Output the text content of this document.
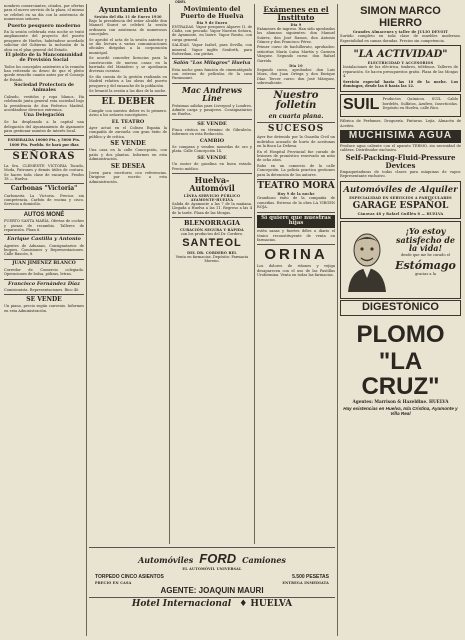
ODIEL

nombres comerciantes, citados, por ofertas para el nuevo servicio de la plaza, el mismo se celebró en su día con la asistencia de numerosos señores.

Puerto pesquero moderno

En la sesión celebrada esta noche se trató ampliamente del proyecto del puerto pesquero de Huelva, habiéndose acordado solicitar del Gobierno la inclusión de la obra en el plan general del Estado.

El pleito de la Mancomunidad de Previsión Social

Todos los concejales asistentes a la reunión han reiterado su deseo de que el pleito quede resuelto cuanto antes por el Consejo de Estado.

Sociedad Protectora de Animales

Calzado, vestidos y ropa blanca. Ha celebrado junta general esta sociedad bajo la presidencia de don Federico Madrid, acordándose diversos extremos.

Una Delegación

Se ha desplazado a la capital una delegación del Ayuntamiento de Ayamonte para gestionar asuntos de interés local.

ESMERALDA 10000 Pts. y 5000 Pts. 1000 Pts. Pueblo. Se hará por días

SEÑORAS

La Sra. CLEMENTE VICTORIA Tocado, Moda, Patrones y demás útiles de costura. Se hacen toda clase de encargos. Prados 18 — Huelva.

Carbonas "Victoria"

Carbonería La Victoria. Precios sin competencia. Carbón de encina y cisco. Servicio a domicilio.

AUTOS MONÉ

PUERTO SANTA MARÍA. Ofertas de coches y piezas de recambio. Talleres de reparación. Plaza 6.

Enrique Castilla y Antonio

Agentes de Aduanas, Consignatarios de buques, Comisiones y Representaciones. Calle Rascón, 8.

JUAN JIMÉNEZ BLANCO

Corredor de Comercio colegiado. Operaciones de bolsa, pólizas, letras.

Francisco Fernández Díaz

Comisionista. Representaciones. Rico 40.

SE VENDE

Un piano, precio según convenio. Informes en esta Administración.

Ayuntamiento

Sesión del día 11 de Enero 1930

Bajo la presidencia del señor alcalde don Manuel Siurot se celebró la sesión ordinaria con asistencia de numerosos concejales.

Se aprobó el acta de la sesión anterior y se dio lectura a varias comunicaciones oficiales dirigidas a la corporación municipal.

Se acordó conceder licencias para la construcción de nuevas casas en la barriada del Matadero y se aprobaron diversas cuentas.

Se dio cuenta de la gestión realizada en Madrid relativa a las obras del puerto pesquero y del ensanche de la población.

Se levantó la sesión a las diez de la noche.

EL DEBER

Cumplir con nuestro deber es lo primero. Aviso a los señores suscriptores.

EL TEATRO

Ayer actuó en el Coliseo España la compañía de zarzuela con gran éxito de público y de crítica.

SE VENDE

Una casa en la calle Concepción, con patio y dos plantas. Informes en esta Administración.

SE DESEA

Joven para escritorio con referencias. Dirigirse por escrito a esta Administración.

Movimiento del Puerto de Huelva

Día 9 de Enero

ENTRADAS. Vapor pesquero Algarve II, de Cádiz, con pescado. Vapor Nuestra Señora, de Ayamonte, en lastre. Vapor Rosita, con carga general.

SALIDAS. Vapor Isabel, para Sevilla, con mineral. Vapor inglés Seaforth, para Rotterdam, con piritas.

Salón "Los Milagros" Huelva

Esta noche gran función de cinematógrafo con estreno de películas de la casa Paramount.

Mac Andrews Line

Próximas salidas para Liverpool y Londres. Admite carga y pasajeros. Consignatarios en Huelva.

SE VENDE

Finca rústica en término de Gibraleón. Informes en esta Redacción.

CAMBIO

Se compran y venden monedas de oro y plata. Calle Concepción 14.

SE VENDE

Un motor de gasolina en buen estado. Precio módico.

Huelva-Automóvil

LÍNEA SERVICIO PÚBLICO AYAMONTE-HUELVA

Salida de Ayamonte a las 7 de la mañana. Llegada a Huelva a las 11. Regreso a las 4 de la tarde. Plaza de las Monjas.

BLENORRAGIA

CURACIÓN SEGURA Y RÁPIDA

con los productos del Dr. Cordero.

SANTEOL

DEL DR. CORDERO BEL

Venta en farmacias. Depósito: Farmacia Moreno.

Exámenes en el Instituto

Día 9

Exámenes de ingreso. Han sido aprobados los alumnos siguientes: don Manuel Suárez, don José Ramos, don Antonio Gómez y don Francisco Pérez.

Primer curso de bachillerato, aprobados: señoritas María Luisa Martín y Carmen Vázquez. Segundo curso: don Rafael Garrido.

Día 10

Segundo curso, aprobados: don Luis Mora, don Juan Ortega y don Enrique Díaz. Tercer curso: don José Márquez, sobresaliente.

Nuestro folletín

en cuarta plana.

SUCESOS

Ayer fue detenido por la Guardia Civil un individuo acusado de hurto de aceitunas en la finca La Dehesa.

En el Hospital Provincial fue curado de lesiones de pronóstico reservado un niño de ocho años.

Robo en un comercio de la calle Concepción. La policía practica gestiones para la detención de los autores.

TEATRO MORA

Hoy 9 de la noche

Grandioso éxito de la compañía de comedias. Estreno de la obra LA VIRGEN ROJA.

Si quiere que nuestras hijas

estén sanas y fuertes déles a diario el tónico reconstituyente de venta en farmacias.

ORINA

Los dolores de riñones y vejiga desaparecen con el uso de las Pastillas Uroformina. Venta en todas las farmacias.

SIMON MARCO HIERRO

Grandes Almacenes y taller de JULIO DEVOIT

Surtido completo en toda clase de muebles modernos. Especialidad en camas doradas. Precios sin competencia.

"LA ACTIVIDAD"

ELECTRICIDAD Y ACCESORIOS

Instalaciones de luz eléctrica, timbres, teléfonos. Talleres de reparación. Se hacen presupuestos gratis. Plaza de las Monjas 4.

Servicio especial hasta las 10 de la noche. Los domingos, desde las 8 hasta las 12.

SUIL Productos Químicos. SUIL Caldo bordelés, Sulfatos, Azufres, Insecticidas. Depósito en Huelva, calle Rico.

Fábrica de Perfumes. Droguería. Pinturas. Lejía. Almacén de Aceites.

MUCHISIMA AGUA

Produce agua caliente con el aparato TERMO, sin necesidad de caldera. Distribuidor exclusivo.

Self-Packing-Fluid-Pressure Devices

Empaquetaduras de todas clases para máquinas de vapor. Representante exclusivo.

Automóviles de Alquiler

ESPECIALIDAD EN SERVICIOS A PARTICULARES

GARAGE ESPAÑOL

Cánovas 48 y Rafael Guillén 8 — HUELVA

¡Yo estoy satisfecho de la vida!

desde que me he curado el

Estómago

gracias a la

DIGESTÓNICO

PLOMO

"LA CRUZ"

Agentes: Marrison & Hazeldine. HUELVA

Hay existencias en Huelva, Isla Cristina, Ayamonte y Villa Real

Automóviles FORD Camiones

EL AUTOMÓVIL UNIVERSAL

TORPEDO CINCO ASIENTOS	5.500 PESETAS
PRECIO EN CASA	ENTREGA INMEDIATA

AGENTE: JOAQUIN MAURI

Hotel Internacional ♦ HUELVA
